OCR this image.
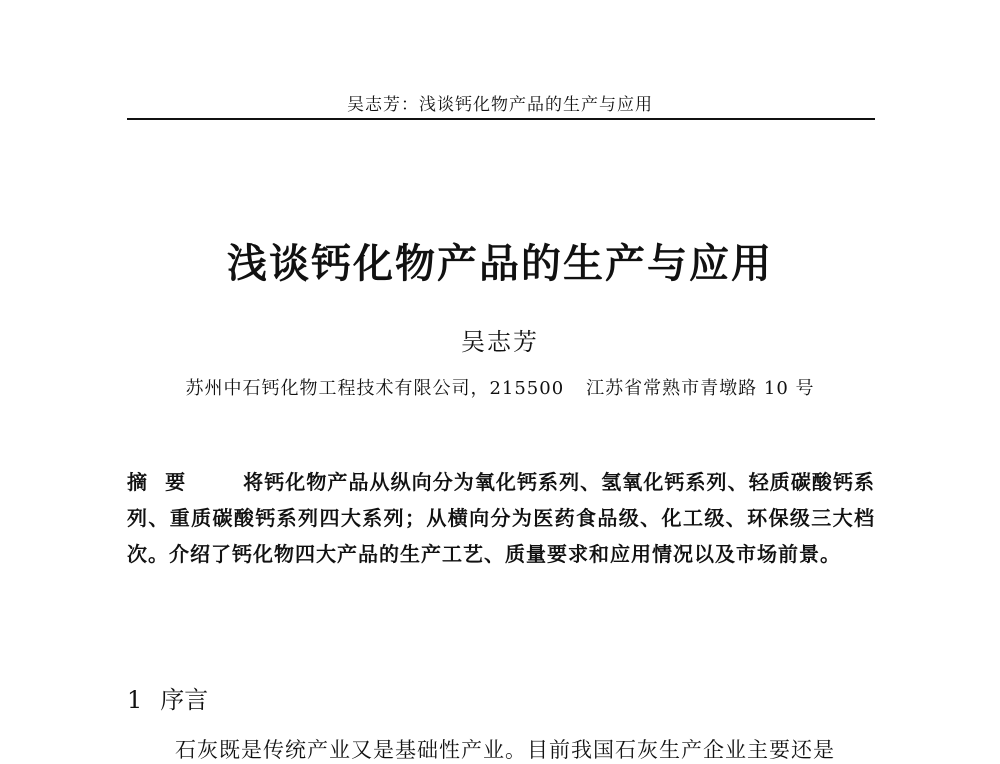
吴志芳：浅谈钙化物产品的生产与应用
浅谈钙化物产品的生产与应用
吴志芳
苏州中石钙化物工程技术有限公司，215500 江苏省常熟市青墩路 10 号
摘要 将钙化物产品从纵向分为氧化钙系列、氢氧化钙系列、轻质碳酸钙系列、重质碳酸钙系列四大系列；从横向分为医药食品级、化工级、环保级三大档次。介绍了钙化物四大产品的生产工艺、质量要求和应用情况以及市场前景。
1 序言
石灰既是传统产业又是基础性产业。目前我国石灰生产企业主要还是
